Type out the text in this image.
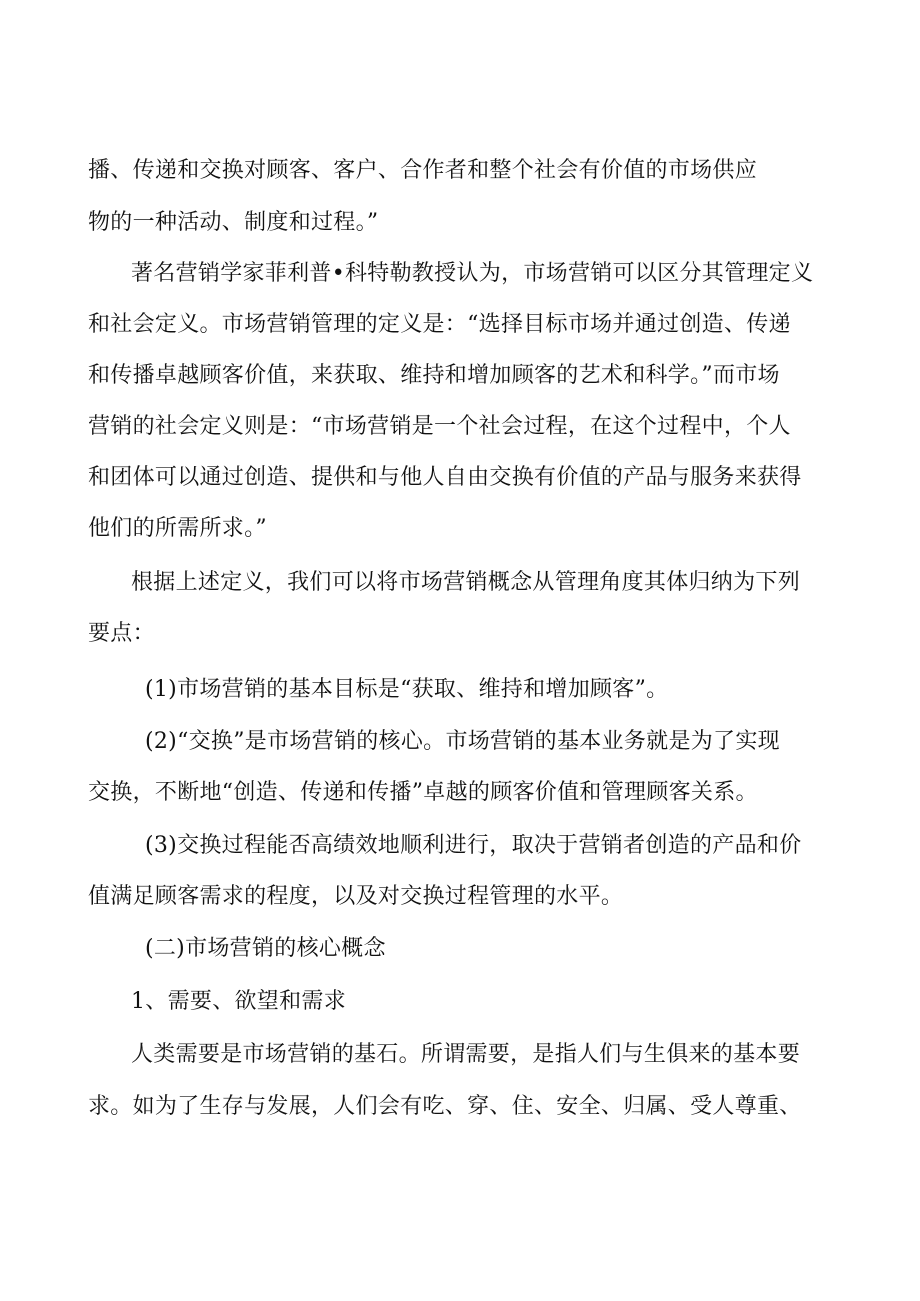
播、传递和交换对顾客、客户、合作者和整个社会有价值的市场供应
物的一种活动、制度和过程。”
著名营销学家菲利普•科特勒教授认为，市场营销可以区分其管理定义
和社会定义。市场营销管理的定义是：“选择目标市场并通过创造、传递
和传播卓越顾客价值，来获取、维持和增加顾客的艺术和科学。”而市场
营销的社会定义则是：“市场营销是一个社会过程，在这个过程中，个人
和团体可以通过创造、提供和与他人自由交换有价值的产品与服务来获得
他们的所需所求。”
根据上述定义，我们可以将市场营销概念从管理角度其体归纳为下列
要点：
(1)市场营销的基本目标是“获取、维持和增加顾客”。
(2)“交换”是市场营销的核心。市场营销的基本业务就是为了实现
交换，不断地“创造、传递和传播”卓越的顾客价值和管理顾客关系。
(3)交换过程能否高绩效地顺利进行，取决于营销者创造的产品和价
值满足顾客需求的程度，以及对交换过程管理的水平。
(二)市场营销的核心概念
1、需要、欲望和需求
人类需要是市场营销的基石。所谓需要，是指人们与生俱来的基本要
求。如为了生存与发展，人们会有吃、穿、住、安全、归属、受人尊重、
